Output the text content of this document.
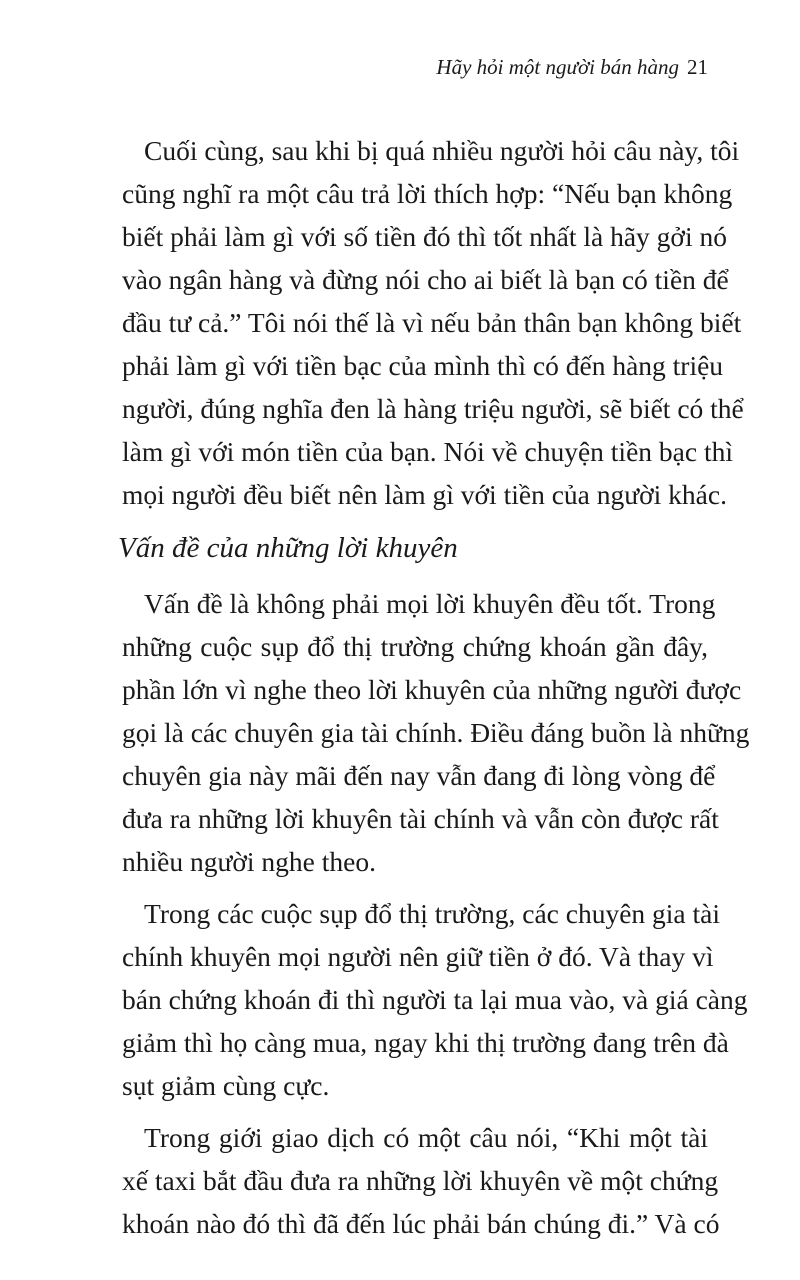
Hãy hỏi một người bán hàng 21
Cuối cùng, sau khi bị quá nhiều người hỏi câu này, tôi
cũng nghĩ ra một câu trả lời thích hợp: “Nếu bạn không
biết phải làm gì với số tiền đó thì tốt nhất là hãy gởi nó
vào ngân hàng và đừng nói cho ai biết là bạn có tiền để
đầu tư cả.” Tôi nói thế là vì nếu bản thân bạn không biết
phải làm gì với tiền bạc của mình thì có đến hàng triệu
người, đúng nghĩa đen là hàng triệu người, sẽ biết có thể
làm gì với món tiền của bạn. Nói về chuyện tiền bạc thì
mọi người đều biết nên làm gì với tiền của người khác.
Vấn đề của những lời khuyên
Vấn đề là không phải mọi lời khuyên đều tốt. Trong
những cuộc sụp đổ thị trường chứng khoán gần đây,
phần lớn vì nghe theo lời khuyên của những người được
gọi là các chuyên gia tài chính. Điều đáng buồn là những
chuyên gia này mãi đến nay vẫn đang đi lòng vòng để
đưa ra những lời khuyên tài chính và vẫn còn được rất
nhiều người nghe theo.
Trong các cuộc sụp đổ thị trường, các chuyên gia tài
chính khuyên mọi người nên giữ tiền ở đó. Và thay vì
bán chứng khoán đi thì người ta lại mua vào, và giá càng
giảm thì họ càng mua, ngay khi thị trường đang trên đà
sụt giảm cùng cực.
Trong giới giao dịch có một câu nói, “Khi một tài
xế taxi bắt đầu đưa ra những lời khuyên về một chứng
khoán nào đó thì đã đến lúc phải bán chúng đi.” Và có
